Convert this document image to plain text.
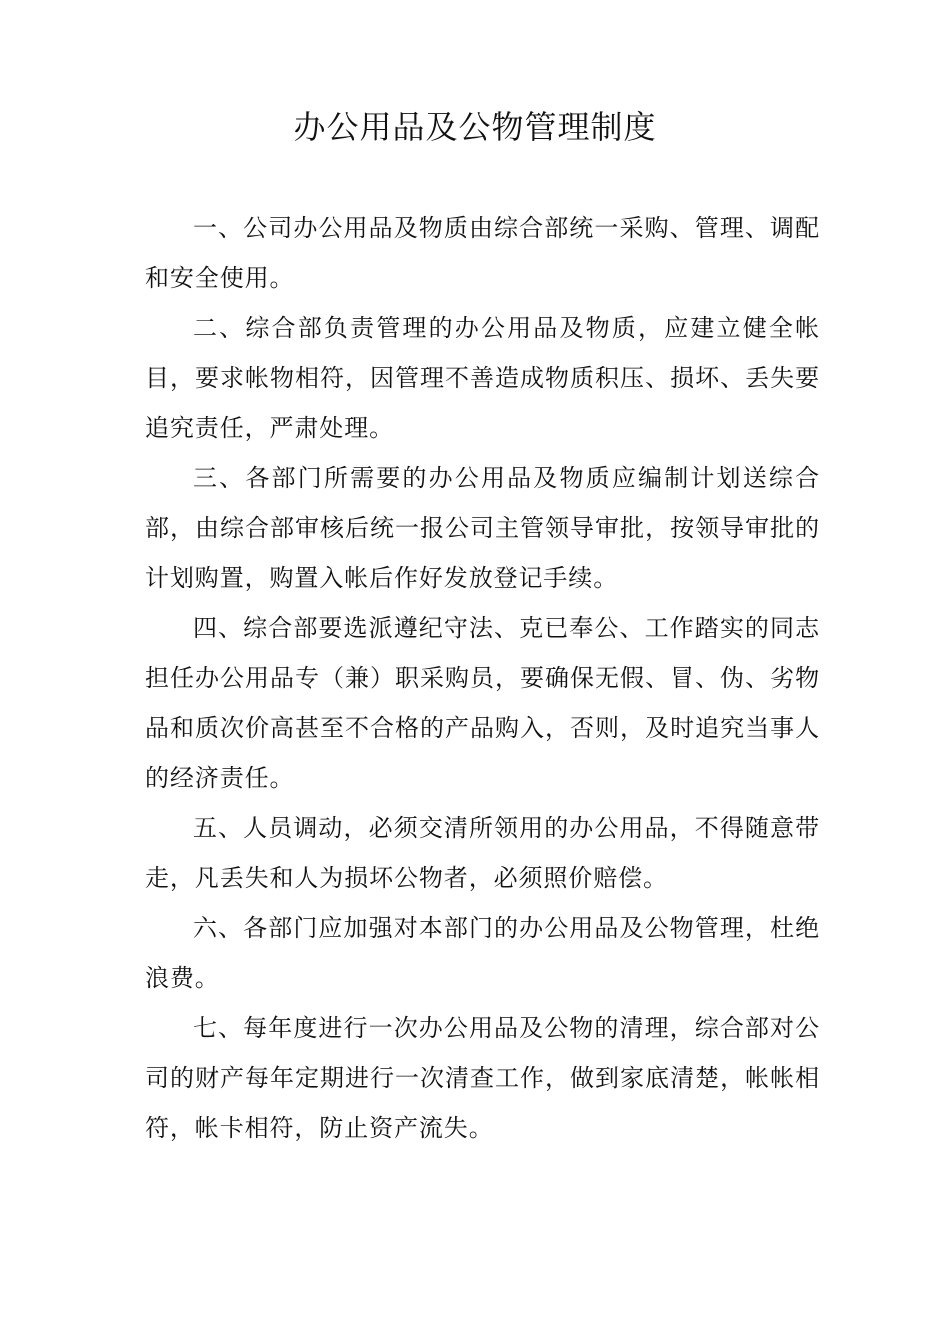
办公用品及公物管理制度

一、公司办公用品及物质由综合部统一采购、管理、调配和安全使用。

二、综合部负责管理的办公用品及物质，应建立健全帐目，要求帐物相符，因管理不善造成物质积压、损坏、丢失要追究责任，严肃处理。

三、各部门所需要的办公用品及物质应编制计划送综合部，由综合部审核后统一报公司主管领导审批，按领导审批的计划购置，购置入帐后作好发放登记手续。

四、综合部要选派遵纪守法、克已奉公、工作踏实的同志担任办公用品专（兼）职采购员，要确保无假、冒、伪、劣物品和质次价高甚至不合格的产品购入，否则，及时追究当事人的经济责任。

五、人员调动，必须交清所领用的办公用品，不得随意带走，凡丢失和人为损坏公物者，必须照价赔偿。

六、各部门应加强对本部门的办公用品及公物管理，杜绝浪费。

七、每年度进行一次办公用品及公物的清理，综合部对公司的财产每年定期进行一次清查工作，做到家底清楚，帐帐相符，帐卡相符，防止资产流失。
